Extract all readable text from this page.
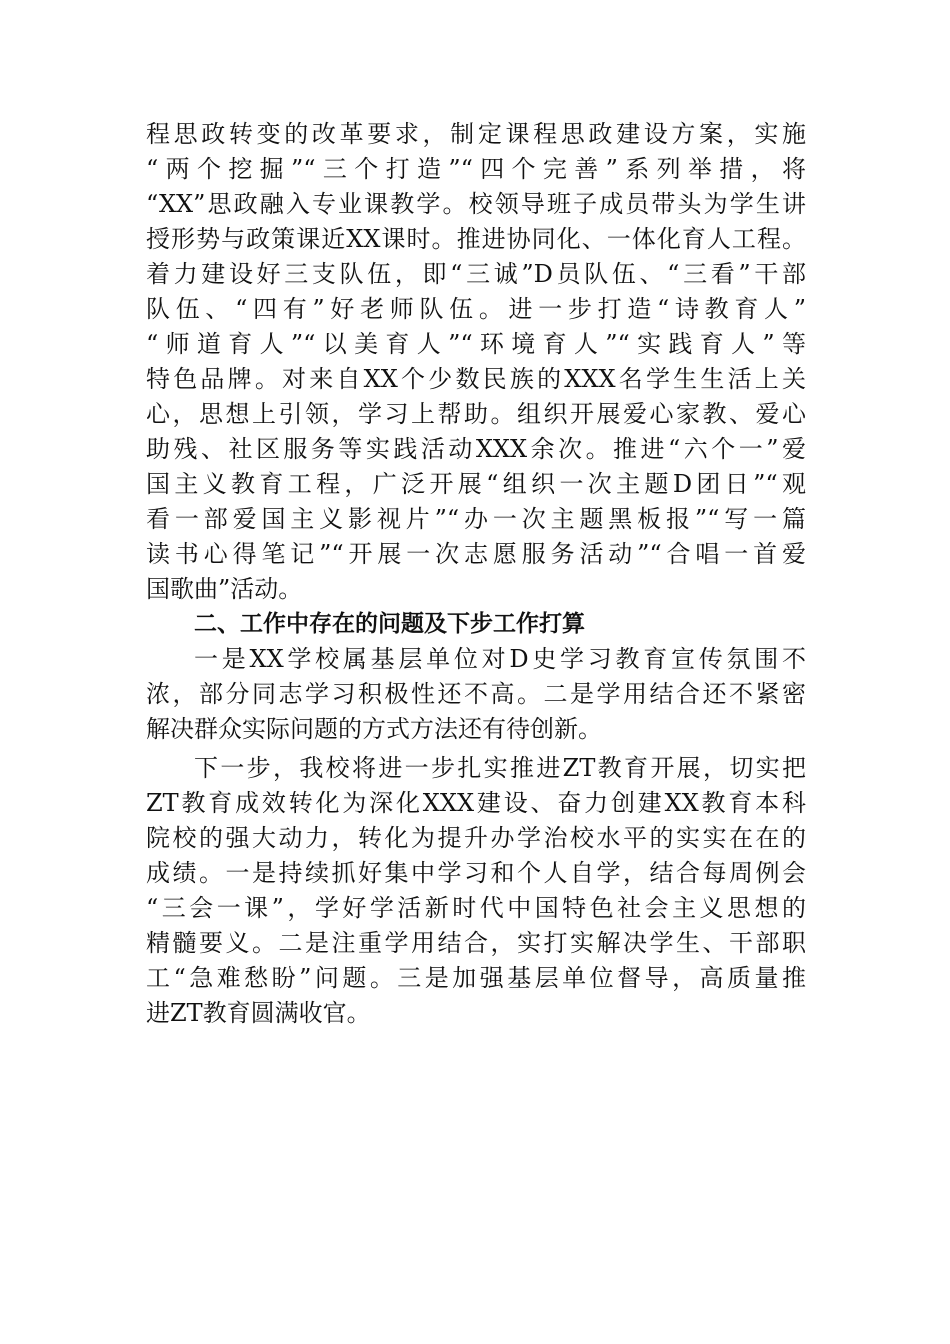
程思政转变的改革要求，制定课程思政建设方案，实施
“两个挖掘”“三个打造”“四个完善”系列举措，将
“XX”思政融入专业课教学。校领导班子成员带头为学生讲
授形势与政策课近XX课时。推进协同化、一体化育人工程。
着力建设好三支队伍，即“三诚”D员队伍、“三看”干部
队伍、“四有”好老师队伍。进一步打造“诗教育人”
“师道育人”“以美育人”“环境育人”“实践育人”等
特色品牌。对来自XX个少数民族的XXX名学生生活上关
心，思想上引领，学习上帮助。组织开展爱心家教、爱心
助残、社区服务等实践活动XXX余次。推进“六个一”爱
国主义教育工程，广泛开展“组织一次主题D团日”“观
看一部爱国主义影视片”“办一次主题黑板报”“写一篇
读书心得笔记”“开展一次志愿服务活动”“合唱一首爱
国歌曲”活动。
二、工作中存在的问题及下步工作打算
一是XX学校属基层单位对D史学习教育宣传氛围不
浓，部分同志学习积极性还不高。二是学用结合还不紧密
解决群众实际问题的方式方法还有待创新。
下一步，我校将进一步扎实推进ZT教育开展，切实把
ZT教育成效转化为深化XXX建设、奋力创建XX教育本科
院校的强大动力，转化为提升办学治校水平的实实在在的
成绩。一是持续抓好集中学习和个人自学，结合每周例会
“三会一课”，学好学活新时代中国特色社会主义思想的
精髓要义。二是注重学用结合，实打实解决学生、干部职
工“急难愁盼”问题。三是加强基层单位督导，高质量推
进ZT教育圆满收官。
